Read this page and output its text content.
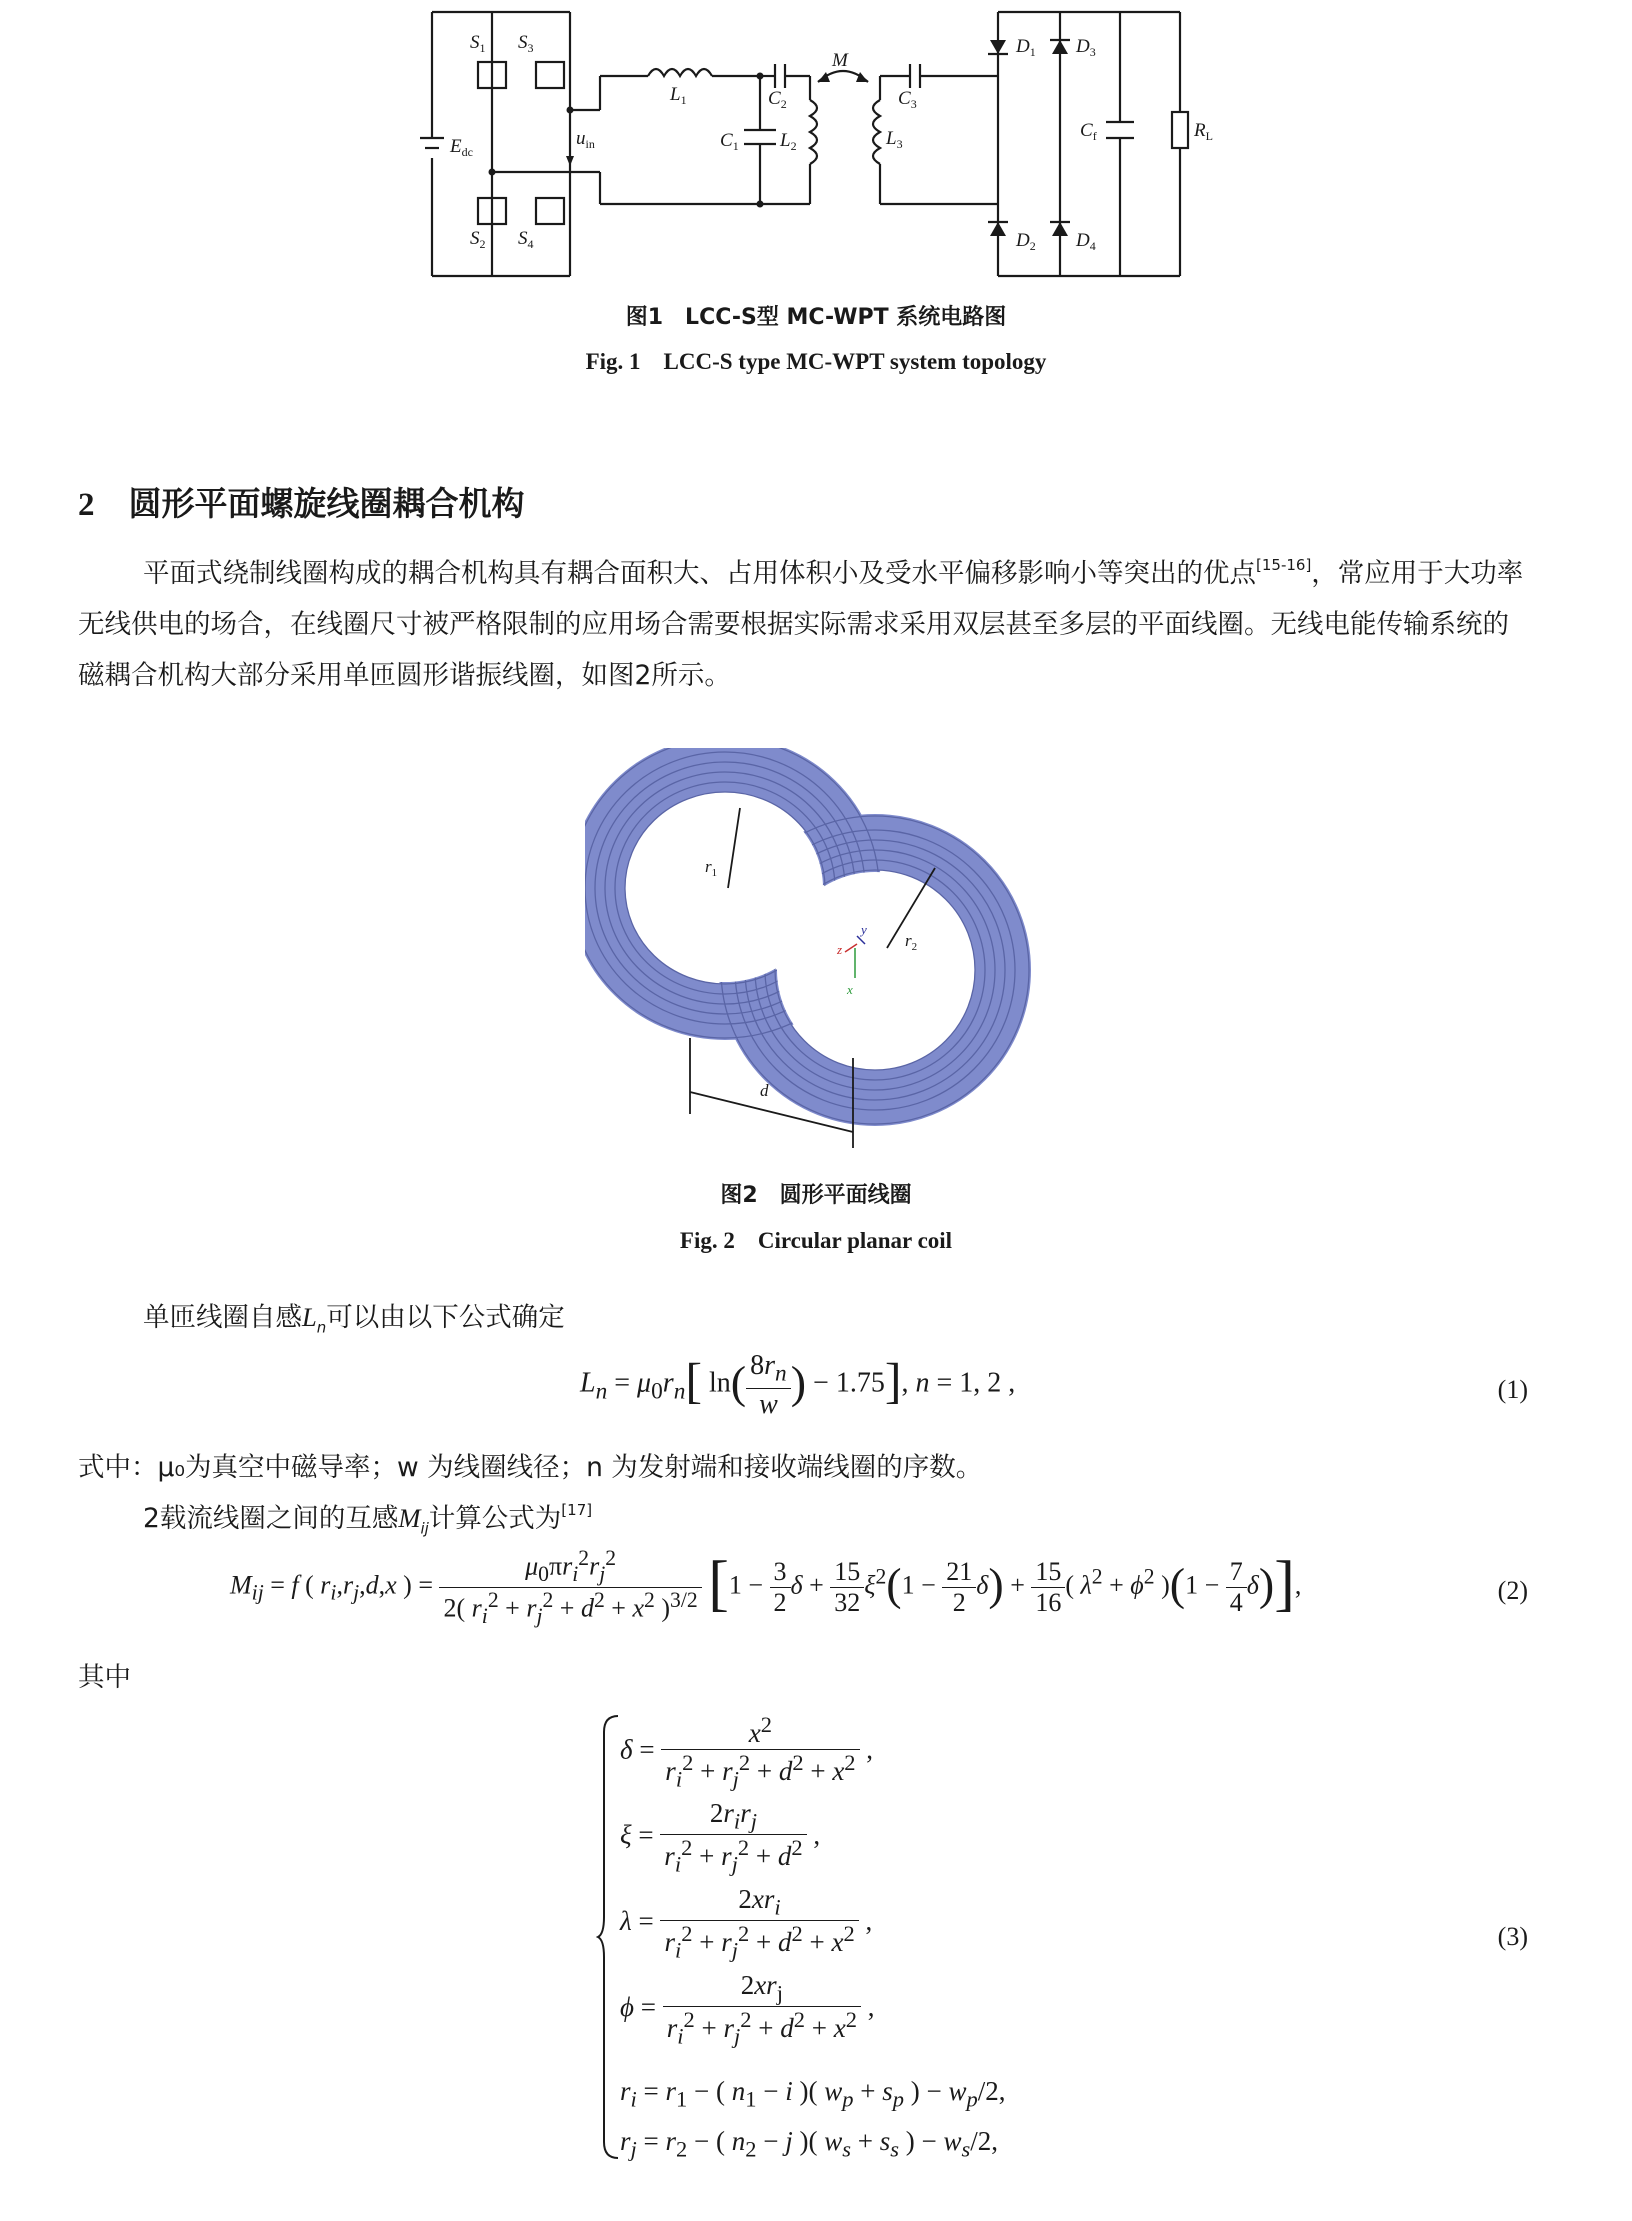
$S_1$ $S_3$
$S_2$ $S_4$
$E_{dc}$
$u_{in}$
$L_1$
$C_1$
$C_2$
$L_2$
M
$C_3$
$L_3$
$D_1$ $D_3$
$D_2$ $D_4$
$C_f$	$R_L$
图1　LCC-S型 MC-WPT 系统电路图
Fig. 1　LCC-S type MC-WPT system topology
2 圆形平面螺旋线圈耦合机构
平面式绕制线圈构成的耦合机构具有耦合面积大、占用体积小及受水平偏移影响小等突出的优点[15-16]，常应用于大功率无线供电的场合，在线圈尺寸被严格限制的应用场合需要根据实际需求采用双层甚至多层的平面线圈。无线电能传输系统的磁耦合机构大部分采用单匝圆形谐振线圈，如图2所示。
$r_1$
$r_2$
d
y
z
x
图2　圆形平面线圈
Fig. 2　Circular planar coil
单匝线圈自感$L_n$可以由以下公式确定
$L_n = \mu_0r_n$[ $\ln( \frac{8r_n}{w}$ ) − 1.75], n = 1, 2 ,	(1)
式中：μ₀为真空中磁导率；w 为线圈线径；n 为发射端和接收端线圈的序数。
2载流线圈之间的互感$M_{ij}$计算公式为[17]
$M_{ij} = f$ ( $r_i,r_j,d,x$ ) = $\frac{\mu_0\pi r_i^2r_j^2}{2( r_i^2 + r_j^2 + d^2 + x^2 )^{3/2}} [1 - \frac{3}{2}$ $\delta + \frac{15}{32} \xi^2(1 - \frac{21}{2} \delta) + \frac{15}{16}$ ( $\lambda^2 + \phi^2$ )$(1 - \frac{7}{4} \delta)$],	(2)
其中
$\delta = \frac{x^2}{r_i^2 + r_j^2 + d^2 + x^2}$ ,
$\xi = \frac{2r_ir_j}{r_i^2 + r_j^2 + d^2}$ ,
$\lambda = \frac{2xr_i}{r_i^2 + r_j^2 + d^2 + x^2}$ ,
$\phi = \frac{2xr_j}{r_i^2 + r_j^2 + d^2 + x^2}$ ,
$r_i = r_1$ − ( $n_1 - i$ )( $w_p + s_p$ ) − $w_p/2$,
$r_j = r_2$ − ( $n_2 - j$ )( $w_s + s_s$ ) − $w_s/2$,
(3)
